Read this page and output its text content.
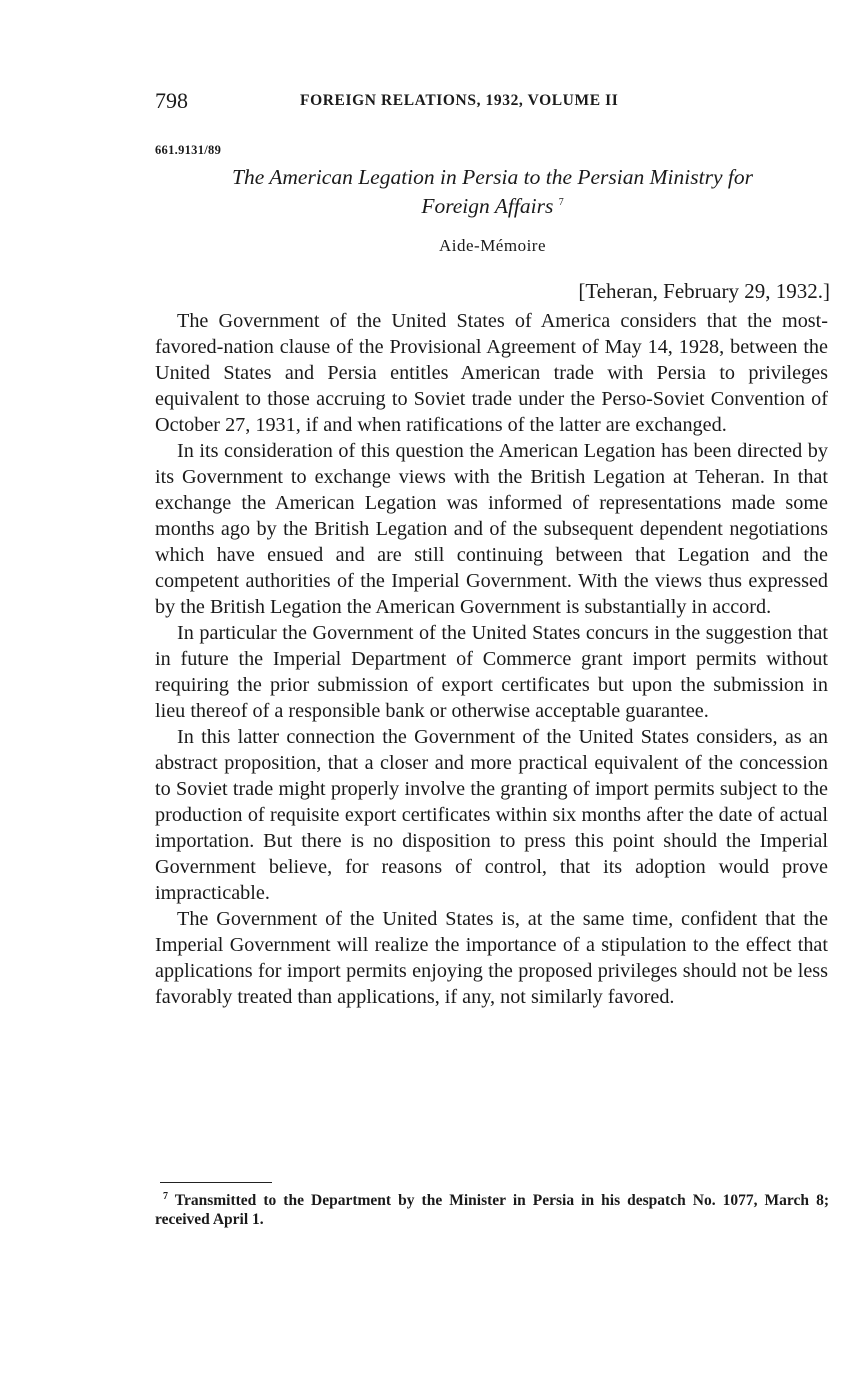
798	FOREIGN RELATIONS, 1932, VOLUME II
661.9131/89
The American Legation in Persia to the Persian Ministry for
Foreign Affairs $^7$
Aide-Mémoire
[Teheran, February 29, 1932.]

The Government of the United States of America considers that the most-favored-nation clause of the Provisional Agreement of May 14, 1928, between the United States and Persia entitles American trade with Persia to privileges equivalent to those accruing to Soviet trade under the Perso-Soviet Convention of October 27, 1931, if and when ratifications of the latter are exchanged.

In its consideration of this question the American Legation has been directed by its Government to exchange views with the British Legation at Teheran. In that exchange the American Legation was informed of representations made some months ago by the British Legation and of the subsequent dependent negotiations which have ensued and are still continuing between that Legation and the competent authorities of the Imperial Government. With the views thus expressed by the British Legation the American Government is substantially in accord.

In particular the Government of the United States concurs in the suggestion that in future the Imperial Department of Commerce grant import permits without requiring the prior submission of export certificates but upon the submission in lieu thereof of a responsible bank or otherwise acceptable guarantee.

In this latter connection the Government of the United States considers, as an abstract proposition, that a closer and more practical equivalent of the concession to Soviet trade might properly involve the granting of import permits subject to the production of requisite export certificates within six months after the date of actual importation. But there is no disposition to press this point should the Imperial Government believe, for reasons of control, that its adoption would prove impracticable.

The Government of the United States is, at the same time, confident that the Imperial Government will realize the importance of a stipulation to the effect that applications for import permits enjoying the proposed privileges should not be less favorably treated than applications, if any, not similarly favored.

$^7$ Transmitted to the Department by the Minister in Persia in his despatch No. 1077, March 8; received April 1.
